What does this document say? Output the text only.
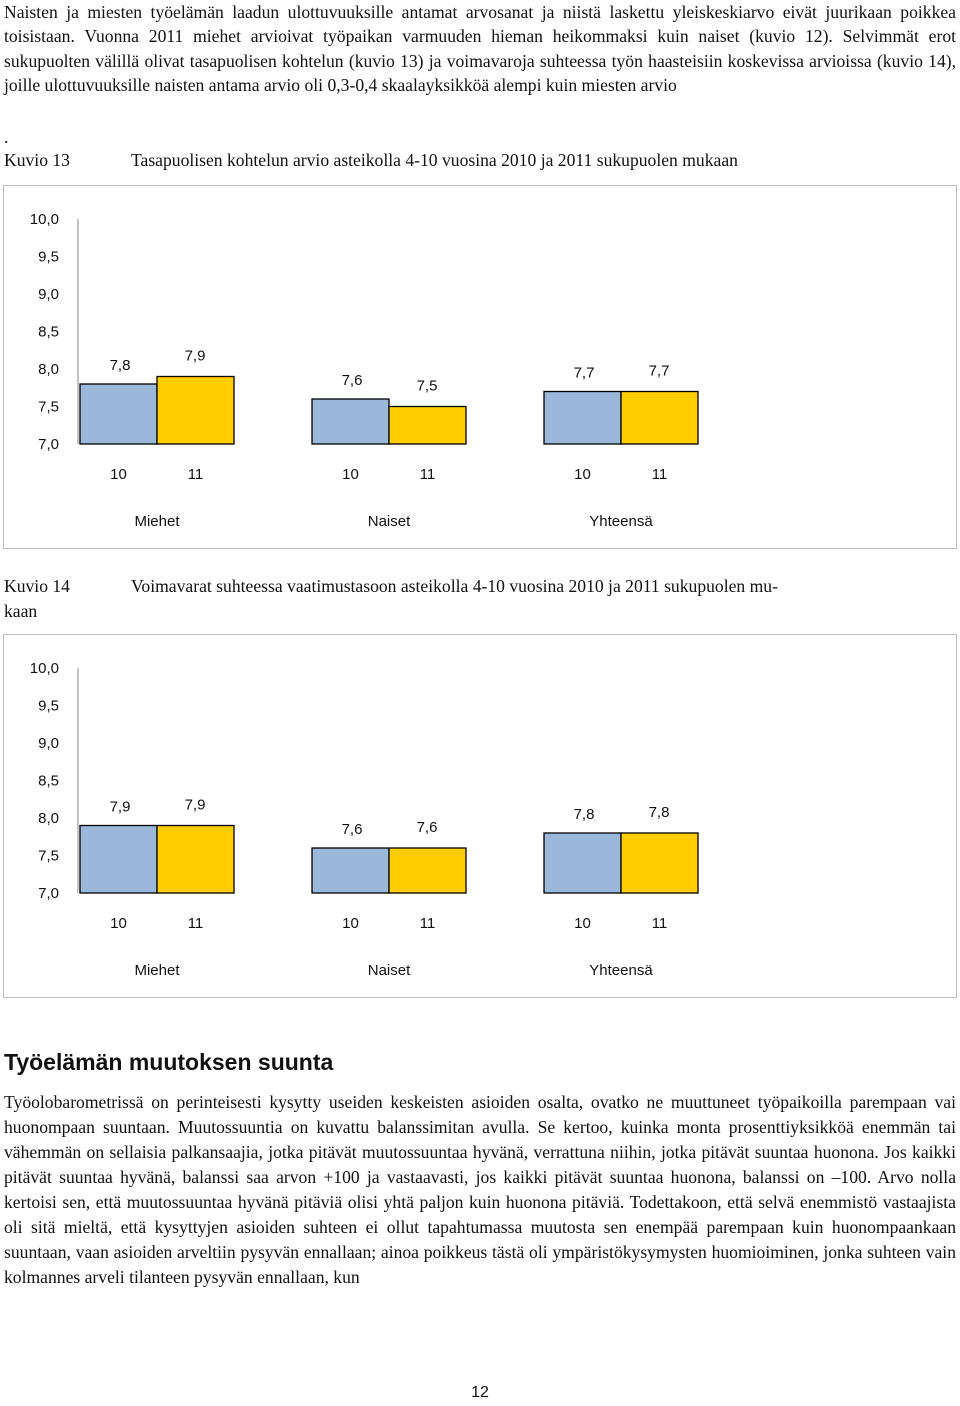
Naisten ja miesten työelämän laadun ulottuvuuksille antamat arvosanat ja niistä laskettu yleiskeskiarvo eivät juurikaan poikkea toisistaan. Vuonna 2011 miehet arvioivat työpaikan varmuuden hieman heikommaksi kuin naiset (kuvio 12). Selvimmät erot sukupuolten välillä olivat tasapuolisen kohtelun (kuvio 13) ja voimavaroja suhteessa työn haasteisiin koskevissa arvioissa (kuvio 14), joille ulottuvuuksille naisten antama arvio oli 0,3-0,4 skaalayksikköä alempi kuin miesten arvio

.

Kuvio 13	Tasapuolisen kohtelun arvio asteikolla 4-10 vuosina 2010 ja 2011 sukupuolen mukaan

10,0
9,5
9,0
8,5
8,0
7,5
7,0
7,8
10
7,9
11
Miehet
7,6
10
7,5
11
Naiset
7,7
10
7,7
11
Yhteensä

Kuvio 14	Voimavarat suhteessa vaatimustasoon asteikolla 4-10 vuosina 2010 ja 2011 sukupuolen mu-

kaan

10,0
9,5
9,0
8,5
8,0
7,5
7,0
7,9
10
7,9
11
Miehet
7,6
10
7,6
11
Naiset
7,8
10
7,8
11
Yhteensä
Työelämän muutoksen suunta

Työolobarometrissä on perinteisesti kysytty useiden keskeisten asioiden osalta, ovatko ne muuttuneet työpaikoilla parempaan vai huonompaan suuntaan. Muutossuuntia on kuvattu balanssimitan avulla. Se kertoo, kuinka monta prosenttiyksikköä enemmän tai vähemmän on sellaisia palkansaajia, jotka pitävät muutossuuntaa hyvänä, verrattuna niihin, jotka pitävät suuntaa huonona. Jos kaikki pitävät suuntaa hyvänä, balanssi saa arvon +100 ja vastaavasti, jos kaikki pitävät suuntaa huonona, balanssi on –100. Arvo nolla kertoisi sen, että muutossuuntaa hyvänä pitäviä olisi yhtä paljon kuin huonona pitäviä. Todettakoon, että selvä enemmistö vastaajista oli sitä mieltä, että kysyttyjen asioiden suhteen ei ollut tapahtumassa muutosta sen enempää parempaan kuin huonompaankaan suuntaan, vaan asioiden arveltiin pysyvän ennallaan; ainoa poikkeus tästä oli ympäristökysymysten huomioiminen, jonka suhteen vain kolmannes arveli tilanteen pysyvän ennallaan, kun

12
